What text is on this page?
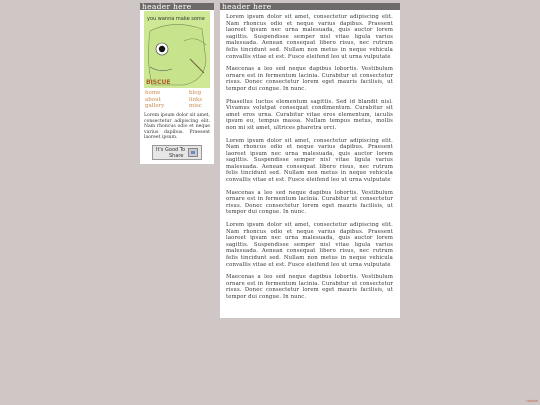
header here	header here
you wanna make some
BISCUE
home	blog
about	links
gallery	misc
Lorem ipsum dolor sit amet, consectetur adipiscing elit. Nam rhoncus odio et neque varius dapibus. Praesent laoreet ipsum.
It's Good To
Share

Lorem ipsum dolor sit amet, consectetur adipiscing elit. Nam rhoncus odio et neque varius dapibus. Praesent laoreet ipsum nec urna malesuada, quis auctor lorem sagittis. Suspendisse semper nisl vitae ligula varius malesuada. Aenean consequat libero risus, nec rutrum felis tincidunt sed. Nullam non metus in neque vehicula convallis vitae et est. Fusce eleifend leo ut urna vulputate

Maecenas a leo sed neque dapibus lobortis. Vestibulum ornare est in fermentum lacinia. Curabitur ut consectetur risus. Donec consectetur lorem eget mauris facilisis, ut tempor dui congue. In nunc.

Phasellus luctus elementum sagittis. Sed id blandit nisl. Vivamus volutpat consequat condimentum. Curabitur sit amet eros urna. Curabitur vitae eros elementum, iaculis ipsum eu, tempus massa. Nullam tempus metus, mollis non mi sit amet, ultrices pharetra orci.

Lorem ipsum dolor sit amet, consectetur adipiscing elit. Nam rhoncus odio et neque varius dapibus. Praesent laoreet ipsum nec urna malesuada, quis auctor lorem sagittis. Suspendisse semper nisl vitae ligula varius malesuada. Aenean consequat libero risus, nec rutrum felis tincidunt sed. Nullam non metus in neque vehicula convallis vitae et est. Fusce eleifend leo ut urna vulputate

Maecenas a leo sed neque dapibus lobortis. Vestibulum ornare est in fermentum lacinia. Curabitur ut consectetur risus. Donec consectetur lorem eget mauris facilisis, ut tempor dui congue. In nunc.

Lorem ipsum dolor sit amet, consectetur adipiscing elit. Nam rhoncus odio et neque varius dapibus. Praesent laoreet ipsum nec urna malesuada, quis auctor lorem sagittis. Suspendisse semper nisl vitae ligula varius malesuada. Aenean consequat libero risus, nec rutrum felis tincidunt sed. Nullam non metus in neque vehicula convallis vitae et est. Fusce eleifend leo ut urna vulputate

Maecenas a leo sed neque dapibus lobortis. Vestibulum ornare est in fermentum lacinia. Curabitur ut consectetur risus. Donec consectetur lorem eget mauris facilisis, ut tempor dui congue. In nunc.

tumblr
